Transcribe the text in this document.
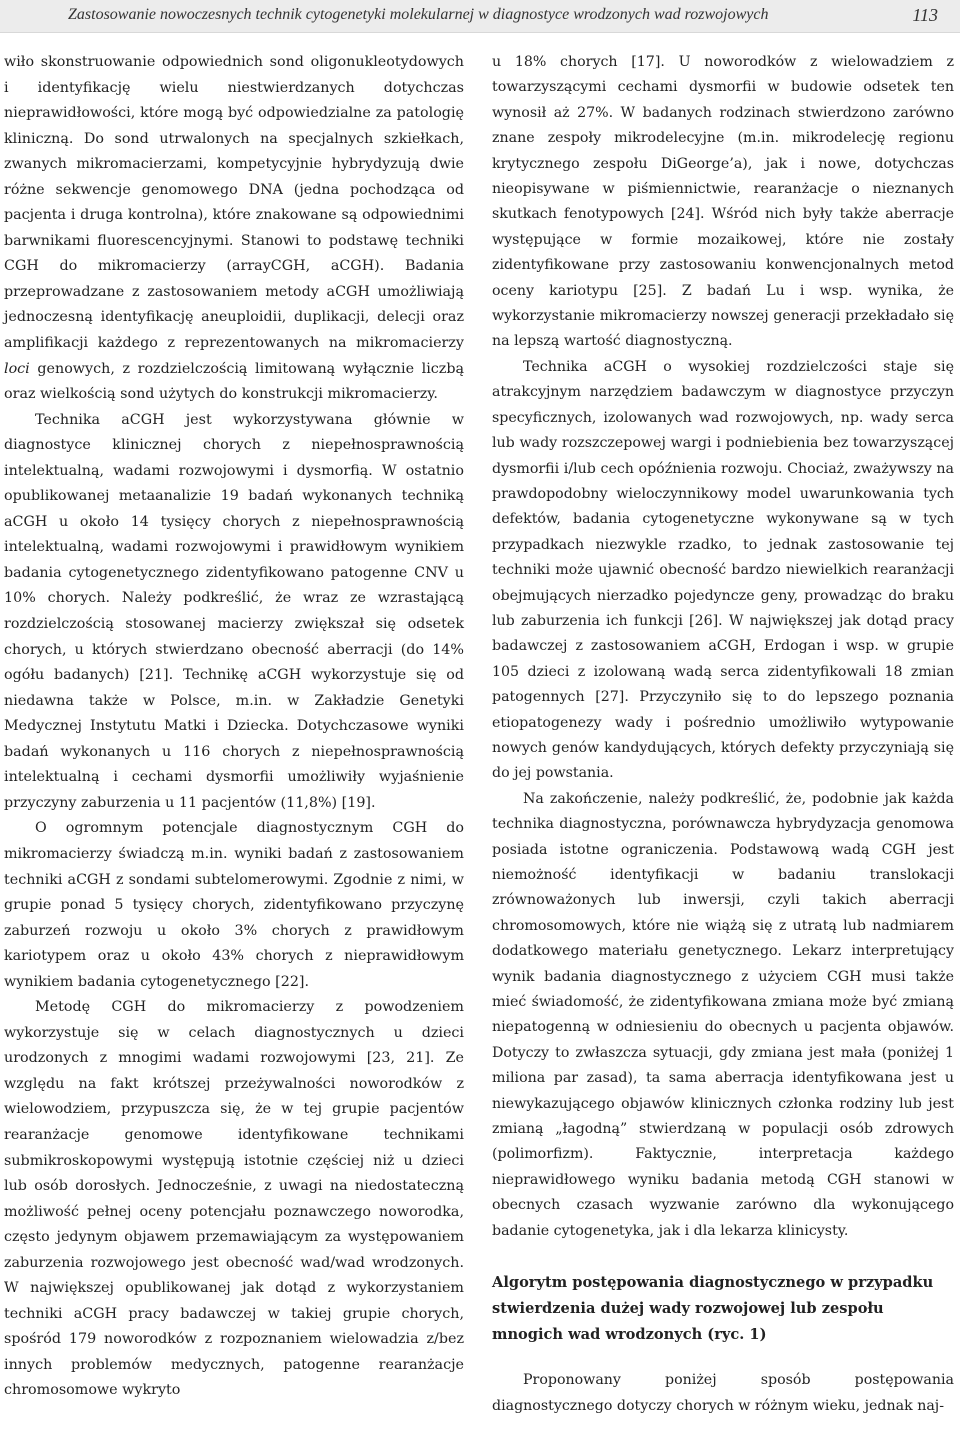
Zastosowanie nowoczesnych technik cytogenetyki molekularnej w diagnostyce wrodzonych wad rozwojowych	113

wiło skonstruowanie odpowiednich sond oligonukleotydowych i identyfikację wielu niestwierdzanych dotychczas nieprawidłowości, które mogą być odpowiedzialne za patologię kliniczną. Do sond utrwalonych na specjalnych szkiełkach, zwanych mikromacierzami, kompetycyjnie hybrydyzują dwie różne sekwencje genomowego DNA (jedna pochodząca od pacjenta i druga kontrolna), które znakowane są odpowiednimi barwnikami fluorescencyjnymi. Stanowi to podstawę techniki CGH do mikromacierzy (arrayCGH, aCGH). Badania przeprowadzane z zastosowaniem metody aCGH umożliwiają jednoczesną identyfikację aneuploidii, duplikacji, delecji oraz amplifikacji każdego z reprezentowanych na mikromacierzy loci genowych, z rozdzielczością limitowaną wyłącznie liczbą oraz wielkością sond użytych do konstrukcji mikromacierzy.

Technika aCGH jest wykorzystywana głównie w diagnostyce klinicznej chorych z niepełnosprawnością intelektualną, wadami rozwojowymi i dysmorfią. W ostatnio opublikowanej metaanalizie 19 badań wykonanych techniką aCGH u około 14 tysięcy chorych z niepełnosprawnością intelektualną, wadami rozwojowymi i prawidłowym wynikiem badania cytogenetycznego zidentyfikowano patogenne CNV u 10% chorych. Należy podkreślić, że wraz ze wzrastającą rozdzielczością stosowanej macierzy zwiększał się odsetek chorych, u których stwierdzano obecność aberracji (do 14% ogółu badanych) [21]. Technikę aCGH wykorzystuje się od niedawna także w Polsce, m.in. w Zakładzie Genetyki Medycznej Instytutu Matki i Dziecka. Dotychczasowe wyniki badań wykonanych u 116 chorych z niepełnosprawnością intelektualną i cechami dysmorfii umożliwiły wyjaśnienie przyczyny zaburzenia u 11 pacjentów (11,8%) [19].

O ogromnym potencjale diagnostycznym CGH do mikromacierzy świadczą m.in. wyniki badań z zastosowaniem techniki aCGH z sondami subtelomerowymi. Zgodnie z nimi, w grupie ponad 5 tysięcy chorych, zidentyfikowano przyczynę zaburzeń rozwoju u około 3% chorych z prawidłowym kariotypem oraz u około 43% chorych z nieprawidłowym wynikiem badania cytogenetycznego [22].

Metodę CGH do mikromacierzy z powodzeniem wykorzystuje się w celach diagnostycznych u dzieci urodzonych z mnogimi wadami rozwojowymi [23, 21]. Ze względu na fakt krótszej przeżywalności noworodków z wielowodziem, przypuszcza się, że w tej grupie pacjentów rearanżacje genomowe identyfikowane technikami submikroskopowymi występują istotnie częściej niż u dzieci lub osób dorosłych. Jednocześnie, z uwagi na niedostateczną możliwość pełnej oceny potencjału poznawczego noworodka, często jedynym objawem przemawiającym za występowaniem zaburzenia rozwojowego jest obecność wad/wad wrodzonych. W największej opublikowanej jak dotąd z wykorzystaniem techniki aCGH pracy badawczej w takiej grupie chorych, spośród 179 noworodków z rozpoznaniem wielowadzia z/bez innych problemów medycznych, patogenne rearanżacje chromosomowe wykryto

u 18% chorych [17]. U noworodków z wielowadziem z towarzyszącymi cechami dysmorfii w budowie odsetek ten wynosił aż 27%. W badanych rodzinach stwierdzono zarówno znane zespoły mikrodelecyjne (m.in. mikrodelecję regionu krytycznego zespołu DiGeorge’a), jak i nowe, dotychczas nieopisywane w piśmiennictwie, rearanżacje o nieznanych skutkach fenotypowych [24]. Wśród nich były także aberracje występujące w formie mozaikowej, które nie zostały zidentyfikowane przy zastosowaniu konwencjonalnych metod oceny kariotypu [25]. Z badań Lu i wsp. wynika, że wykorzystanie mikromacierzy nowszej generacji przekładało się na lepszą wartość diagnostyczną.

Technika aCGH o wysokiej rozdzielczości staje się atrakcyjnym narzędziem badawczym w diagnostyce przyczyn specyficznych, izolowanych wad rozwojowych, np. wady serca lub wady rozszczepowej wargi i podniebienia bez towarzyszącej dysmorfii i/lub cech opóźnienia rozwoju. Chociaż, zważywszy na prawdopodobny wieloczynnikowy model uwarunkowania tych defektów, badania cytogenetyczne wykonywane są w tych przypadkach niezwykle rzadko, to jednak zastosowanie tej techniki może ujawnić obecność bardzo niewielkich rearanżacji obejmujących nierzadko pojedyncze geny, prowadząc do braku lub zaburzenia ich funkcji [26]. W największej jak dotąd pracy badawczej z zastosowaniem aCGH, Erdogan i wsp. w grupie 105 dzieci z izolowaną wadą serca zidentyfikowali 18 zmian patogennych [27]. Przyczyniło się to do lepszego poznania etiopatogenezy wady i pośrednio umożliwiło wytypowanie nowych genów kandydujących, których defekty przyczyniają się do jej powstania.

Na zakończenie, należy podkreślić, że, podobnie jak każda technika diagnostyczna, porównawcza hybrydyzacja genomowa posiada istotne ograniczenia. Podstawową wadą CGH jest niemożność identyfikacji w badaniu translokacji zrównoważonych lub inwersji, czyli takich aberracji chromosomowych, które nie wiążą się z utratą lub nadmiarem dodatkowego materiału genetycznego. Lekarz interpretujący wynik badania diagnostycznego z użyciem CGH musi także mieć świadomość, że zidentyfikowana zmiana może być zmianą niepatogenną w odniesieniu do obecnych u pacjenta objawów. Dotyczy to zwłaszcza sytuacji, gdy zmiana jest mała (poniżej 1 miliona par zasad), ta sama aberracja identyfikowana jest u niewykazującego objawów klinicznych członka rodziny lub jest zmianą „łagodną” stwierdzaną w populacji osób zdrowych (polimorfizm). Faktycznie, interpretacja każdego nieprawidłowego wyniku badania metodą CGH stanowi w obecnych czasach wyzwanie zarówno dla wykonującego badanie cytogenetyka, jak i dla lekarza klinicysty.

Algorytm postępowania diagnostycznego w przypadku stwierdzenia dużej wady rozwojowej lub zespołu mnogich wad wrodzonych (ryc. 1)

Proponowany poniżej sposób postępowania diagnostycznego dotyczy chorych w różnym wieku, jednak naj-
